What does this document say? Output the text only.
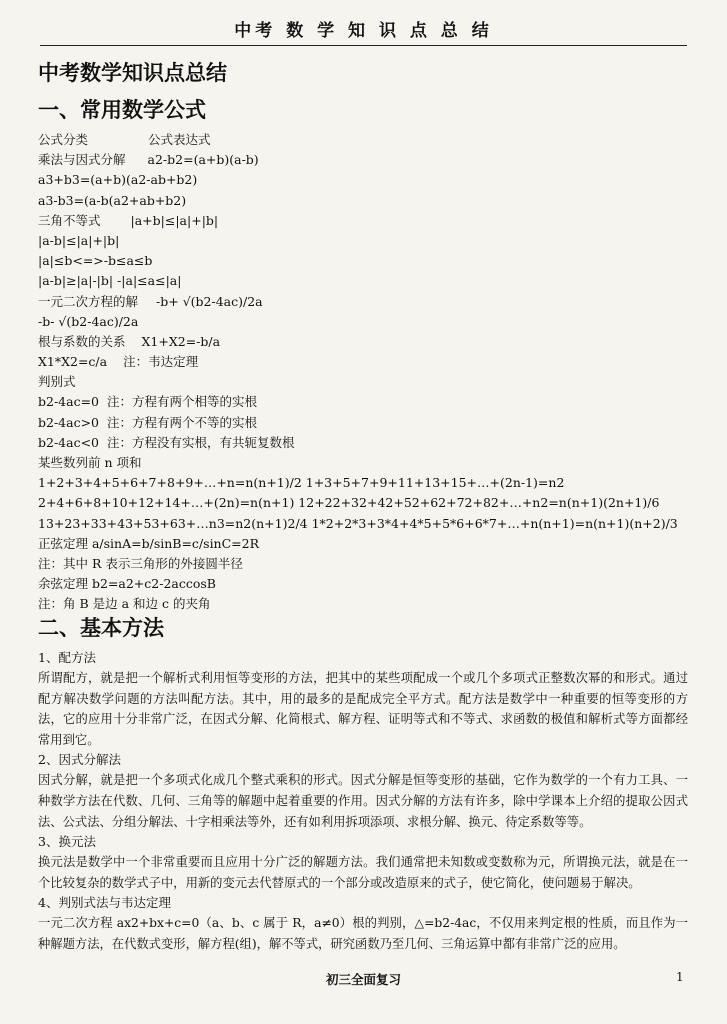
中考 数 学 知 识 点 总 结
中考数学知识点总结
一、常用数学公式
公式分类	公式表达式
乘法与因式分解 a2-b2=(a+b)(a-b)
a3+b3=(a+b)(a2-ab+b2)
a3-b3=(a-b(a2+ab+b2)
三角不等式 |a+b|≤|a|+|b|
|a-b|≤|a|+|b|
|a|≤b<=>-b≤a≤b
|a-b|≥|a|-|b| -|a|≤a≤|a|
一元二次方程的解 -b+ √(b2-4ac)/2a
-b- √(b2-4ac)/2a
根与系数的关系 X1+X2=-b/a
X1*X2=c/a 注：韦达定理
判别式
b2-4ac=0 注：方程有两个相等的实根
b2-4ac>0 注：方程有两个不等的实根
b2-4ac<0 注：方程没有实根，有共轭复数根
某些数列前 n 项和
1+2+3+4+5+6+7+8+9+…+n=n(n+1)/2 1+3+5+7+9+11+13+15+…+(2n-1)=n2
2+4+6+8+10+12+14+…+(2n)=n(n+1) 12+22+32+42+52+62+72+82+…+n2=n(n+1)(2n+1)/6
13+23+33+43+53+63+…n3=n2(n+1)2/4 1*2+2*3+3*4+4*5+5*6+6*7+…+n(n+1)=n(n+1)(n+2)/3
正弦定理 a/sinA=b/sinB=c/sinC=2R
注：其中 R 表示三角形的外接圆半径
余弦定理 b2=a2+c2-2accosB
注：角 B 是边 a 和边 c 的夹角
二、基本方法
1、配方法

所谓配方，就是把一个解析式利用恒等变形的方法，把其中的某些项配成一个或几个多项式正整数次幂的和形式。通过配方解决数学问题的方法叫配方法。其中，用的最多的是配成完全平方式。配方法是数学中一种重要的恒等变形的方法，它的应用十分非常广泛，在因式分解、化简根式、解方程、证明等式和不等式、求函数的极值和解析式等方面都经常用到它。

2、因式分解法

因式分解，就是把一个多项式化成几个整式乘积的形式。因式分解是恒等变形的基础，它作为数学的一个有力工具、一种数学方法在代数、几何、三角等的解题中起着重要的作用。因式分解的方法有许多，除中学课本上介绍的提取公因式法、公式法、分组分解法、十字相乘法等外，还有如利用拆项添项、求根分解、换元、待定系数等等。

3、换元法

换元法是数学中一个非常重要而且应用十分广泛的解题方法。我们通常把未知数或变数称为元，所谓换元法，就是在一个比较复杂的数学式子中，用新的变元去代替原式的一个部分或改造原来的式子，使它简化，使问题易于解决。

4、判别式法与韦达定理

一元二次方程 ax2+bx+c=0（a、b、c 属于 R，a≠0）根的判别，△=b2-4ac，不仅用来判定根的性质，而且作为一种解题方法，在代数式变形，解方程(组)，解不等式，研究函数乃至几何、三角运算中都有非常广泛的应用。

初三全面复习	1
